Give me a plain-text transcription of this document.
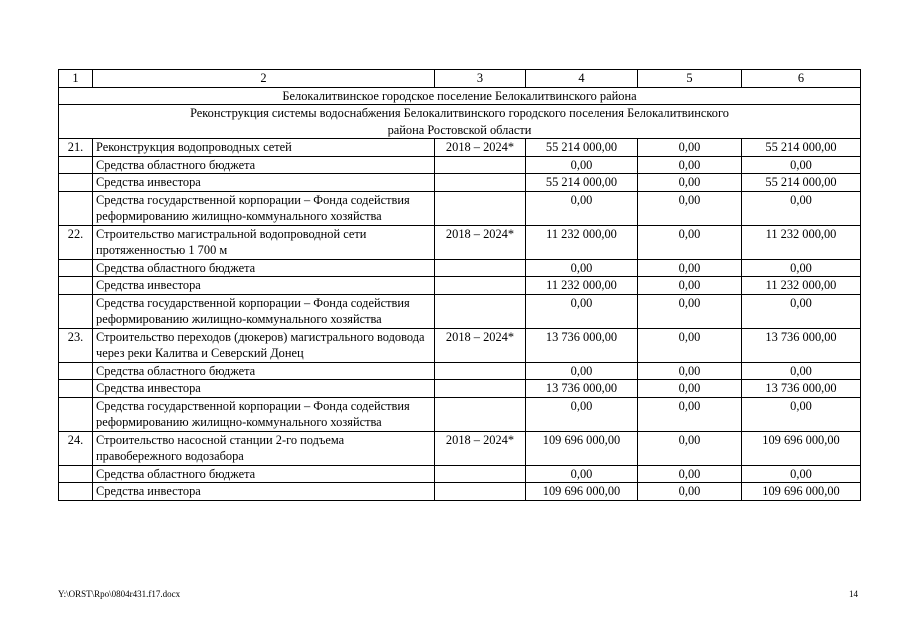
1	2	3	4	5	6
Белокалитвинское городское поселение Белокалитвинского района					
Реконструкция системы водоснабжения Белокалитвинского городского поселения Белокалитвинского района Ростовской области					
21.	Реконструкция водопроводных сетей	2018 – 2024*	55 214 000,00	0,00	55 214 000,00
	Средства областного бюджета		0,00	0,00	0,00
	Средства инвестора		55 214 000,00	0,00	55 214 000,00
	Средства государственной корпорации – Фонда содействия реформированию жилищно-коммунального хозяйства		0,00	0,00	0,00
22.	Строительство магистральной водопроводной сети протяженностью 1 700 м	2018 – 2024*	11 232 000,00	0,00	11 232 000,00
	Средства областного бюджета		0,00	0,00	0,00
	Средства инвестора		11 232 000,00	0,00	11 232 000,00
	Средства государственной корпорации – Фонда содействия реформированию жилищно-коммунального хозяйства		0,00	0,00	0,00
23.	Строительство переходов (дюкеров) магистрального водовода через реки Калитва и Северский Донец	2018 – 2024*	13 736 000,00	0,00	13 736 000,00
	Средства областного бюджета		0,00	0,00	0,00
	Средства инвестора		13 736 000,00	0,00	13 736 000,00
	Средства государственной корпорации – Фонда содействия реформированию жилищно-коммунального хозяйства		0,00	0,00	0,00
24.	Строительство насосной станции 2-го подъема правобережного водозабора	2018 – 2024*	109 696 000,00	0,00	109 696 000,00
	Средства областного бюджета		0,00	0,00	0,00
	Средства инвестора		109 696 000,00	0,00	109 696 000,00
Y:\ORST\Rpo\0804r431.f17.docx	14
